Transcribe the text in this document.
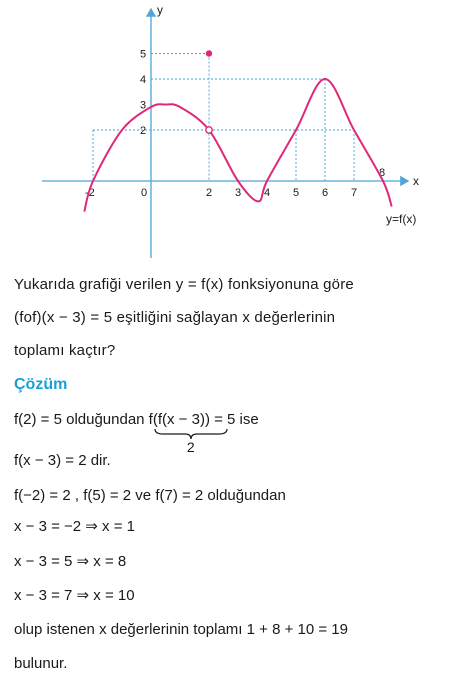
x
y
-2	0	2 3 4 5 6 7
8
2
3
4
5
y=f(x)
Yukarıda grafiği verilen y = f(x) fonksiyonuna göre
(fof)(x − 3) = 5 eşitliğini sağlayan x değerlerinin
toplamı kaçtır?
Çözüm
f(2) = 5 olduğundan f(f(x − 3))
2
= 5 ise
f(x − 3) = 2 dir.
f(−2) = 2 , f(5) = 2 ve f(7) = 2 olduğundan
x − 3 = −2 ⇒ x = 1
x − 3 = 5 ⇒ x = 8
x − 3 = 7 ⇒ x = 10
olup istenen x değerlerinin toplamı 1 + 8 + 10 = 19
bulunur.
